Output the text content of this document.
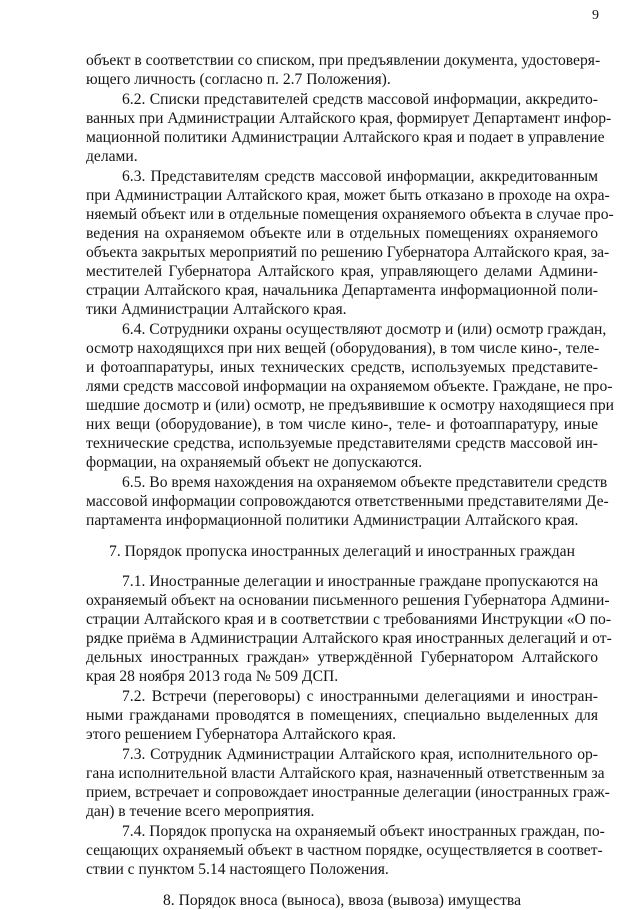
9
объект в соответствии со списком, при предъявлении документа, удостоверя-
ющего личность (согласно п. 2.7 Положения).
6.2. Списки представителей средств массовой информации, аккредито-
ванных при Администрации Алтайского края, формирует Департамент инфор-
мационной политики Администрации Алтайского края и подает в управление
делами.
6.3. Представителям средств массовой информации, аккредитованным
при Администрации Алтайского края, может быть отказано в проходе на охра-
няемый объект или в отдельные помещения охраняемого объекта в случае про-
ведения на охраняемом объекте или в отдельных помещениях охраняемого
объекта закрытых мероприятий по решению Губернатора Алтайского края, за-
местителей Губернатора Алтайского края, управляющего делами Админи-
страции Алтайского края, начальника Департамента информационной поли-
тики Администрации Алтайского края.
6.4. Сотрудники охраны осуществляют досмотр и (или) осмотр граждан,
осмотр находящихся при них вещей (оборудования), в том числе кино-, теле-
и фотоаппаратуры, иных технических средств, используемых представите-
лями средств массовой информации на охраняемом объекте. Граждане, не про-
шедшие досмотр и (или) осмотр, не предъявившие к осмотру находящиеся при
них вещи (оборудование), в том числе кино-, теле- и фотоаппаратуру, иные
технические средства, используемые представителями средств массовой ин-
формации, на охраняемый объект не допускаются.
6.5. Во время нахождения на охраняемом объекте представители средств
массовой информации сопровождаются ответственными представителями Де-
партамента информационной политики Администрации Алтайского края.
7. Порядок пропуска иностранных делегаций и иностранных граждан
7.1. Иностранные делегации и иностранные граждане пропускаются на
охраняемый объект на основании письменного решения Губернатора Админи-
страции Алтайского края и в соответствии с требованиями Инструкции «О по-
рядке приёма в Администрации Алтайского края иностранных делегаций и от-
дельных иностранных граждан» утверждённой Губернатором Алтайского
края 28 ноября 2013 года № 509 ДСП.
7.2. Встречи (переговоры) с иностранными делегациями и иностран-
ными гражданами проводятся в помещениях, специально выделенных для
этого решением Губернатора Алтайского края.
7.3. Сотрудник Администрации Алтайского края, исполнительного ор-
гана исполнительной власти Алтайского края, назначенный ответственным за
прием, встречает и сопровождает иностранные делегации (иностранных граж-
дан) в течение всего мероприятия.
7.4. Порядок пропуска на охраняемый объект иностранных граждан, по-
сещающих охраняемый объект в частном порядке, осуществляется в соответ-
ствии с пунктом 5.14 настоящего Положения.
8. Порядок вноса (выноса), ввоза (вывоза) имущества
